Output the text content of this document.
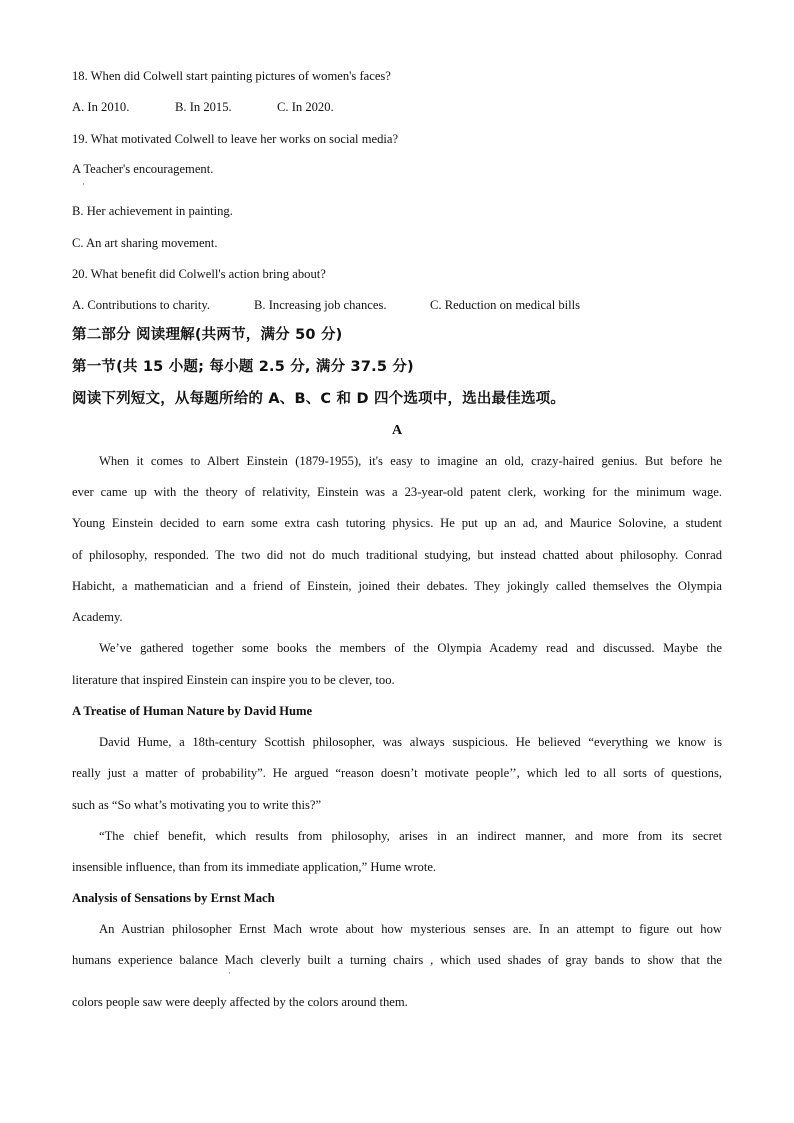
18. When did Colwell start painting pictures of women's faces?
A. In 2010.	B. In 2015.	C. In 2020.
19. What motivated Colwell to leave her works on social media?
A Teacher's encouragement.
·
B. Her achievement in painting.
C. An art sharing movement.
20. What benefit did Colwell's action bring about?
A. Contributions to charity.	B. Increasing job chances.	C. Reduction on medical bills
第二部分 阅读理解(共两节，满分 50 分)
第一节(共 15 小题; 每小题 2.5 分, 满分 37.5 分)
阅读下列短文，从每题所给的 A、B、C 和 D 四个选项中，选出最佳选项。
A
When it comes to Albert Einstein (1879-1955), it's easy to imagine an old, crazy-haired genius. But before he
ever came up with the theory of relativity, Einstein was a 23-year-old patent clerk, working for the minimum wage.
Young Einstein decided to earn some extra cash tutoring physics. He put up an ad, and Maurice Solovine, a student
of philosophy, responded. The two did not do much traditional studying, but instead chatted about philosophy. Conrad
Habicht, a mathematician and a friend of Einstein, joined their debates. They jokingly called themselves the Olympia
Academy.
We’ve gathered together some books the members of the Olympia Academy read and discussed. Maybe the
literature that inspired Einstein can inspire you to be clever, too.
A Treatise of Human Nature by David Hume
David Hume, a 18th-century Scottish philosopher, was always suspicious. He believed “everything we know is
really just a matter of probability”. He argued “reason doesn’t motivate people’’, which led to all sorts of questions,
such as “So what’s motivating you to write this?”
“The chief benefit, which results from philosophy, arises in an indirect manner, and more from its secret
insensible influence, than from its immediate application,” Hume wrote.
Analysis of Sensations by Ernst Mach
An Austrian philosopher Ernst Mach wrote about how mysterious senses are. In an attempt to figure out how
humans experience balance Mach cleverly built a turning chairs , which used shades of gray bands to show that the
·
colors people saw were deeply affected by the colors around them.
